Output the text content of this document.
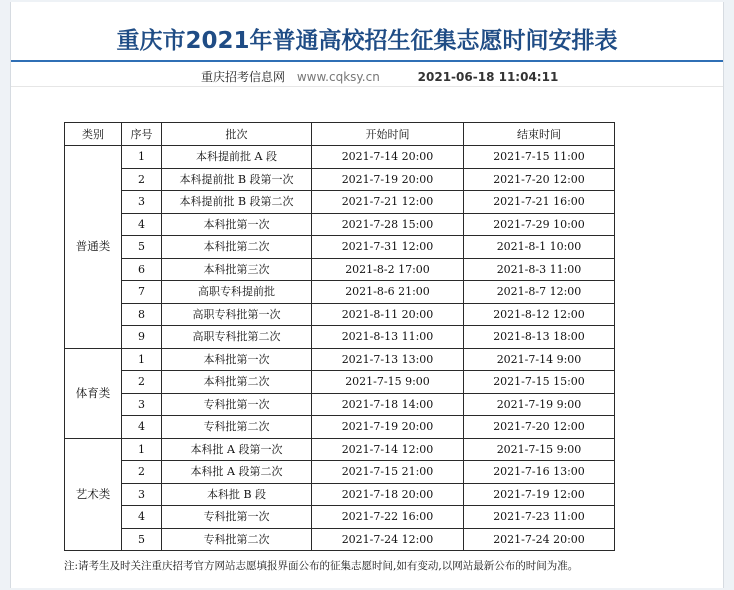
重庆市2021年普通高校招生征集志愿时间安排表
重庆招考信息网 www.cqksy.cn	2021-06-18 11:04:11
类别	序号	批次	开始时间	结束时间
普通类	1	本科提前批 A 段	2021-7-14 20:00	2021-7-15 11:00
	2	本科提前批 B 段第一次	2021-7-19 20:00	2021-7-20 12:00
	3	本科提前批 B 段第二次	2021-7-21 12:00	2021-7-21 16:00
	4	本科批第一次	2021-7-28 15:00	2021-7-29 10:00
	5	本科批第二次	2021-7-31 12:00	2021-8-1 10:00
	6	本科批第三次	2021-8-2 17:00	2021-8-3 11:00
	7	高职专科提前批	2021-8-6 21:00	2021-8-7 12:00
	8	高职专科批第一次	2021-8-11 20:00	2021-8-12 12:00
	9	高职专科批第二次	2021-8-13 11:00	2021-8-13 18:00
体育类	1	本科批第一次	2021-7-13 13:00	2021-7-14 9:00
	2	本科批第二次	2021-7-15 9:00	2021-7-15 15:00
	3	专科批第一次	2021-7-18 14:00	2021-7-19 9:00
	4	专科批第二次	2021-7-19 20:00	2021-7-20 12:00
艺术类	1	本科批 A 段第一次	2021-7-14 12:00	2021-7-15 9:00
	2	本科批 A 段第二次	2021-7-15 21:00	2021-7-16 13:00
	3	本科批 B 段	2021-7-18 20:00	2021-7-19 12:00
	4	专科批第一次	2021-7-22 16:00	2021-7-23 11:00
	5	专科批第二次	2021-7-24 12:00	2021-7-24 20:00
注:请考生及时关注重庆招考官方网站志愿填报界面公布的征集志愿时间,如有变动,以网站最新公布的时间为准。
